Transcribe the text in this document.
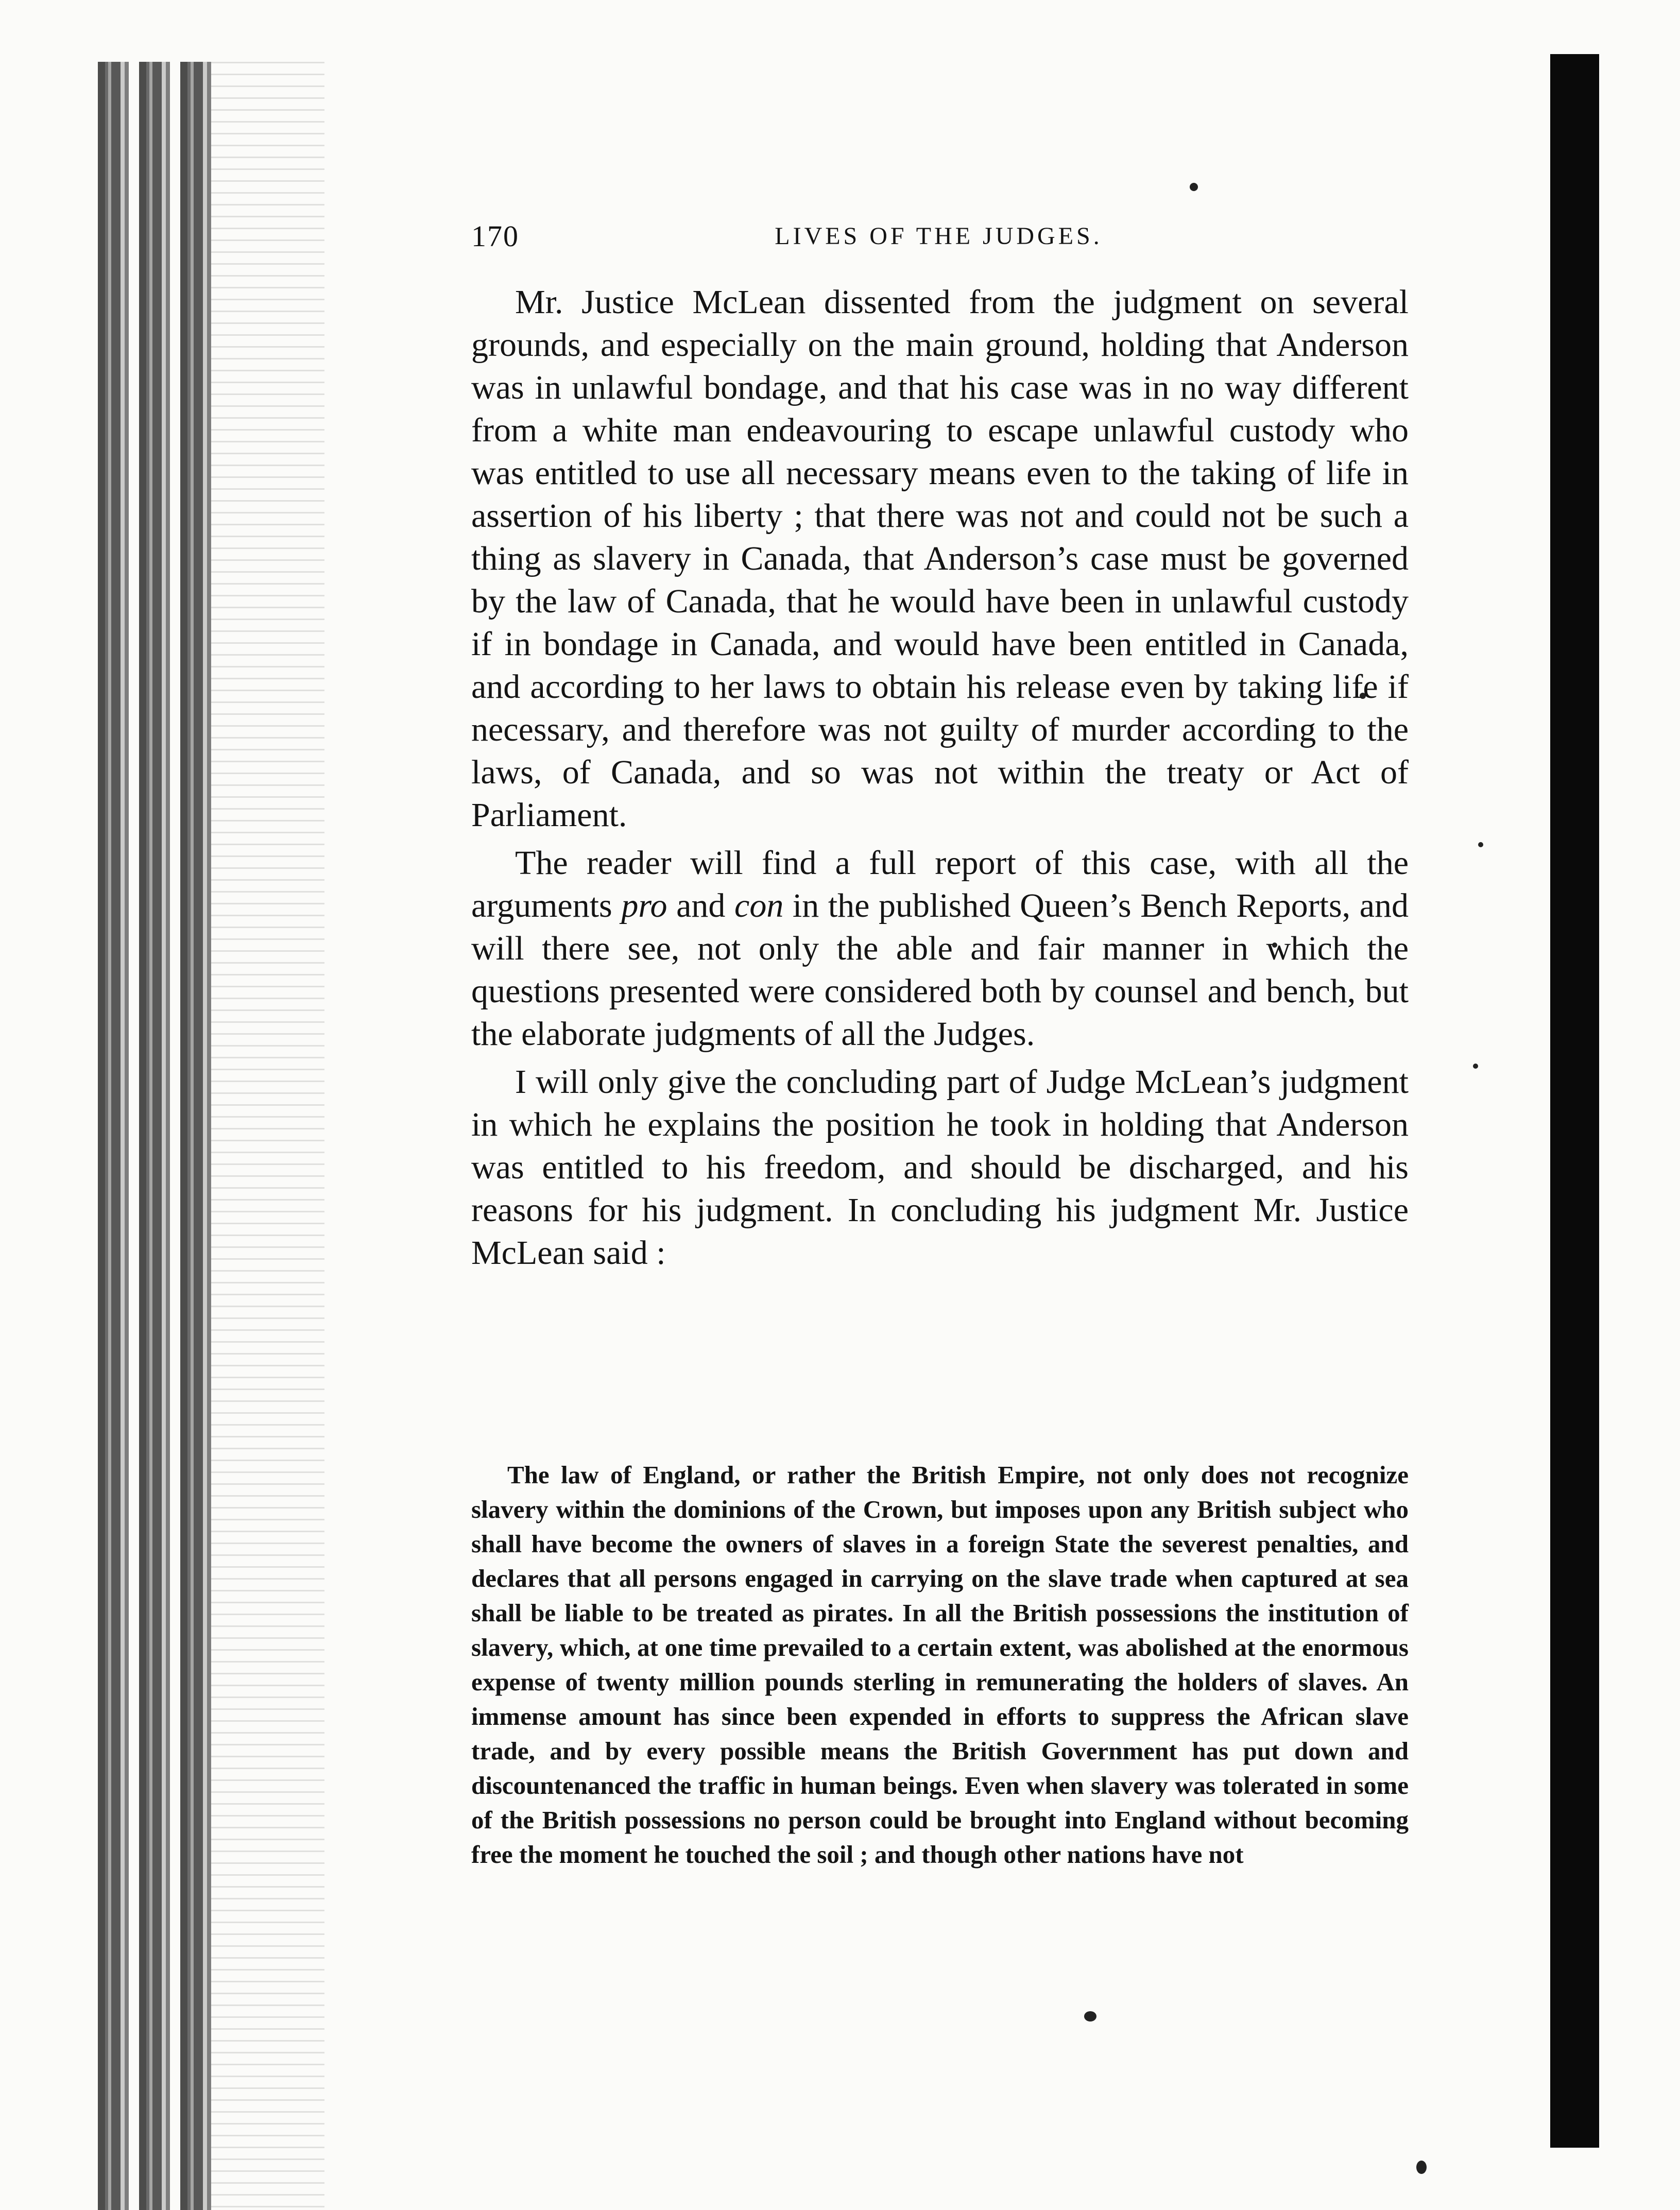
170	LIVES OF THE JUDGES.

Mr. Justice McLean dissented from the judgment on several grounds, and especially on the main ground, holding that Anderson was in unlawful bondage, and that his case was in no way different from a white man endeavouring to escape unlawful custody who was entitled to use all necessary means even to the taking of life in assertion of his liberty ; that there was not and could not be such a thing as slavery in Canada, that Anderson’s case must be governed by the law of Canada, that he would have been in unlawful custody if in bondage in Canada, and would have been entitled in Canada, and according to her laws to obtain his release even by taking life if necessary, and therefore was not guilty of murder according to the laws, of Canada, and so was not within the treaty or Act of Parliament.

The reader will find a full report of this case, with all the arguments pro and con in the published Queen’s Bench Reports, and will there see, not only the able and fair manner in which the questions presented were considered both by counsel and bench, but the elaborate judgments of all the Judges.

I will only give the concluding part of Judge McLean’s judgment in which he explains the position he took in holding that Anderson was entitled to his freedom, and should be discharged, and his reasons for his judgment. In concluding his judgment Mr. Justice McLean said :

The law of England, or rather the British Empire, not only does not recognize slavery within the dominions of the Crown, but imposes upon any British subject who shall have become the owners of slaves in a foreign State the severest penalties, and declares that all persons engaged in carrying on the slave trade when captured at sea shall be liable to be treated as pirates. In all the British possessions the institution of slavery, which, at one time prevailed to a certain extent, was abolished at the enormous expense of twenty million pounds sterling in remunerating the holders of slaves. An immense amount has since been expended in efforts to suppress the African slave trade, and by every possible means the British Government has put down and discountenanced the traffic in human beings. Even when slavery was tolerated in some of the British possessions no person could be brought into England without becoming free the moment he touched the soil ; and though other nations have not
